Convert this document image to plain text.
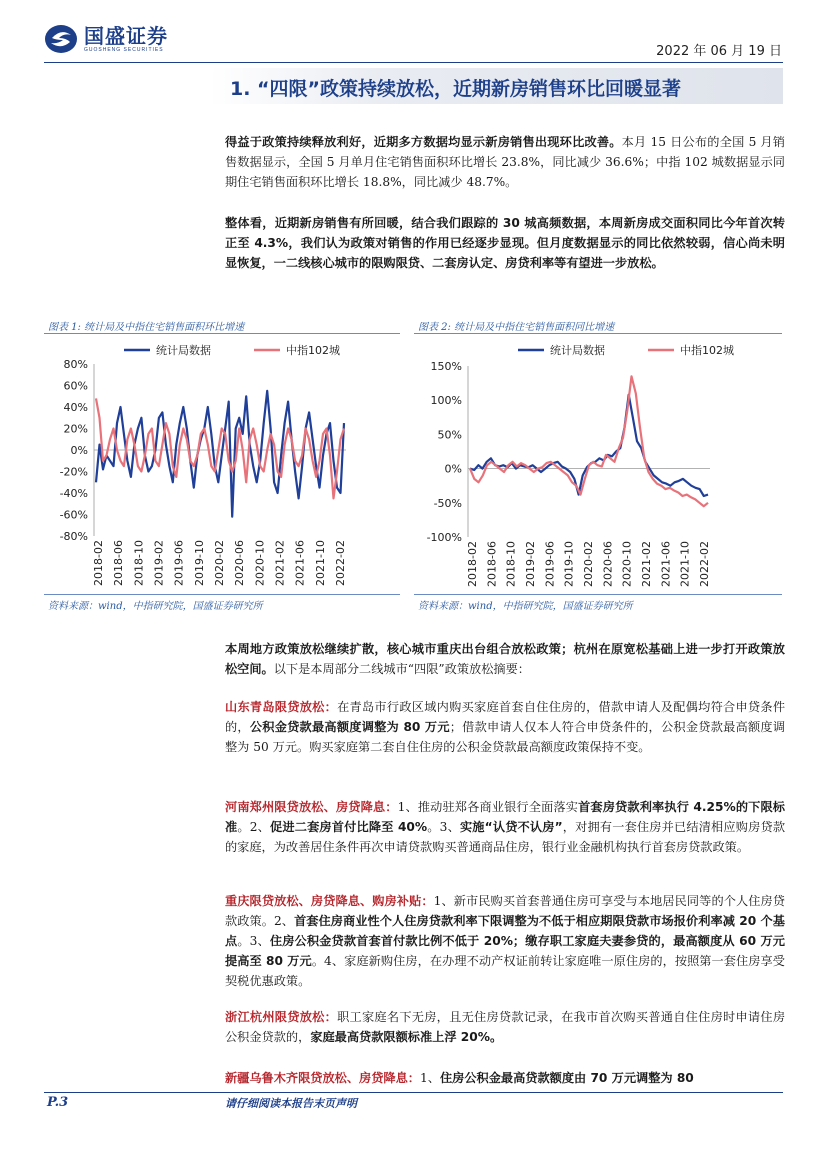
国盛证券
GUOSHENG SECURITIES	2022 年 06 月 19 日
1. “四限”政策持续放松，近期新房销售环比回暖显著
得益于政策持续释放利好，近期多方数据均显示新房销售出现环比改善。本月 15 日公布的全国 5 月销售数据显示，全国 5 月单月住宅销售面积环比增长 23.8%，同比减少 36.6%；中指 102 城数据显示同期住宅销售面积环比增长 18.8%，同比减少 48.7%。
整体看，近期新房销售有所回暖，结合我们跟踪的 30 城高频数据，本周新房成交面积同比今年首次转正至 4.3%，我们认为政策对销售的作用已经逐步显现。但月度数据显示的同比依然较弱，信心尚未明显恢复，一二线核心城市的限购限贷、二套房认定、房贷利率等有望进一步放松。
图表 1: 统计局及中指住宅销售面积环比增速
80%
60%
40%
20%
0%
-20%
-40%
-60%
-80%
2018-02 2018-06 2018-10 2019-02 2019-06 2019-10 2020-02 2020-06 2020-10 2021-02 2021-06 2021-10 2022-02
统计局数据	中指102城
资料来源：wind，中指研究院，国盛证券研究所
图表 2: 统计局及中指住宅销售面积同比增速
150%
100%
50%
0%
-50%
-100%
2018-02 2018-06 2018-10 2019-02 2019-06 2019-10 2020-02 2020-06 2020-10 2021-02 2021-06 2021-10 2022-02
统计局数据	中指102城
资料来源：wind，中指研究院，国盛证券研究所
本周地方政策放松继续扩散，核心城市重庆出台组合放松政策；杭州在原宽松基础上进一步打开政策放松空间。以下是本周部分二线城市“四限”政策放松摘要：
山东青岛限贷放松：在青岛市行政区域内购买家庭首套自住住房的，借款申请人及配偶均符合申贷条件的，公积金贷款最高额度调整为 80 万元；借款申请人仅本人符合申贷条件的，公积金贷款最高额度调整为 50 万元。购买家庭第二套自住住房的公积金贷款最高额度政策保持不变。
河南郑州限贷放松、房贷降息：1、推动驻郑各商业银行全面落实首套房贷款利率执行 4.25%的下限标准。2、促进二套房首付比降至 40%。3、实施“认贷不认房”，对拥有一套住房并已结清相应购房贷款的家庭，为改善居住条件再次申请贷款购买普通商品住房，银行业金融机构执行首套房贷款政策。
重庆限贷放松、房贷降息、购房补贴：1、新市民购买首套普通住房可享受与本地居民同等的个人住房贷款政策。2、首套住房商业性个人住房贷款利率下限调整为不低于相应期限贷款市场报价利率减 20 个基点。3、住房公积金贷款首套首付款比例不低于 20%；缴存职工家庭夫妻参贷的，最高额度从 60 万元提高至 80 万元。4、家庭新购住房，在办理不动产权证前转让家庭唯一原住房的，按照第一套住房享受契税优惠政策。
浙江杭州限贷放松：职工家庭名下无房，且无住房贷款记录，在我市首次购买普通自住住房时申请住房公积金贷款的，家庭最高贷款限额标准上浮 20%。
新疆乌鲁木齐限贷放松、房贷降息：1、住房公积金最高贷款额度由 70 万元调整为 80
P.3	请仔细阅读本报告末页声明
